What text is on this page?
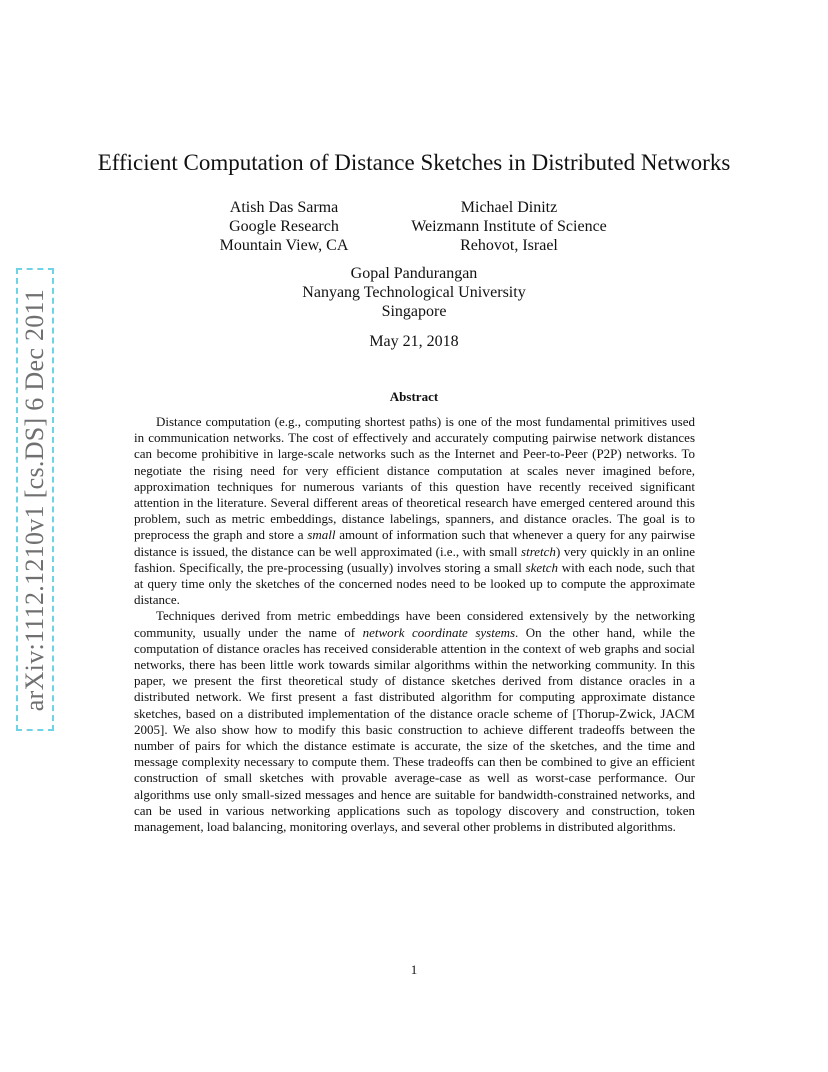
arXiv:1112.1210v1 [cs.DS] 6 Dec 2011
Efficient Computation of Distance Sketches in Distributed Networks
Atish Das Sarma
Google Research
Mountain View, CA
Michael Dinitz
Weizmann Institute of Science
Rehovot, Israel
Gopal Pandurangan
Nanyang Technological University
Singapore
May 21, 2018
Abstract

Distance computation (e.g., computing shortest paths) is one of the most fundamental primitives used in communication networks. The cost of effectively and accurately computing pairwise network distances can become prohibitive in large-scale networks such as the Internet and Peer-to-Peer (P2P) networks. To negotiate the rising need for very efficient distance computation at scales never imagined before, approximation techniques for numerous variants of this question have recently received significant attention in the literature. Several different areas of theoretical research have emerged centered around this problem, such as metric embeddings, distance labelings, spanners, and distance oracles. The goal is to preprocess the graph and store a small amount of information such that whenever a query for any pairwise distance is issued, the distance can be well approximated (i.e., with small stretch) very quickly in an online fashion. Specifically, the pre-processing (usually) involves storing a small sketch with each node, such that at query time only the sketches of the concerned nodes need to be looked up to compute the approximate distance.

Techniques derived from metric embeddings have been considered extensively by the networking community, usually under the name of network coordinate systems. On the other hand, while the computation of distance oracles has received considerable attention in the context of web graphs and social networks, there has been little work towards similar algorithms within the networking community. In this paper, we present the first theoretical study of distance sketches derived from distance oracles in a distributed network. We first present a fast distributed algorithm for computing approximate distance sketches, based on a distributed implementation of the distance oracle scheme of [Thorup-Zwick, JACM 2005]. We also show how to modify this basic construction to achieve different tradeoffs between the number of pairs for which the distance estimate is accurate, the size of the sketches, and the time and message complexity necessary to compute them. These tradeoffs can then be combined to give an efficient construction of small sketches with provable average-case as well as worst-case performance. Our algorithms use only small-sized messages and hence are suitable for bandwidth-constrained networks, and can be used in various networking applications such as topology discovery and construction, token management, load balancing, monitoring overlays, and several other problems in distributed algorithms.

1
